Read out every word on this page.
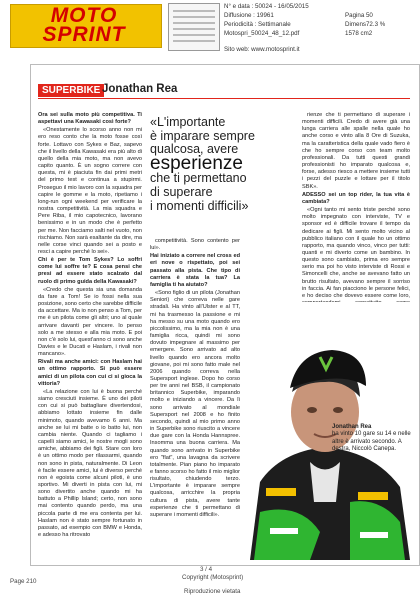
MOTO SPRINT
N° e data : 50024 - 16/05/2015
Diffusione : 19961
Periodicità : Settimanale
Motospri_50024_48_12.pdf
Pagina 50
Dimens72.3 %
1578 cm2
Sito web: www.motosprint.it
SUPERBIKE Jonathan Rea

Ora sei sulla moto più competitiva. Ti aspettavi una Kawasaki così forte?

«Onestamente lo scorso anno non mi ero reso conto che la moto fosse così forte. Lottavo con Sykes e Baz, sapevo che il livello della Kawasaki era più alto di quello della mia moto, ma non avevo capito quanto. È un sogno correre con questa, mi è piaciuta fin dai primi metri del primo test e continua a stupirmi. Proseguo il mio lavoro con la squadra per capire le gomme e la moto, ripetiamo i long-run ogni weekend per verificare la nostra competitività. La mia squadra e Pere Riba, il mio capotecnico, lavorano benissimo e in un modo che è perfetto per me. Non facciamo salti nel vuoto, non rischiamo. Non sarà esaltante da dire, ma nelle corse vinci quando sei a posto e resci a capire perché lo sei».

Chi è per te Tom Sykes? Lo soffri come lui soffre te? E cosa pensi che presi ad essere stato scalzato dal ruolo di primo guida della Kawasaki?

«Credo che questa sia una domanda da fare a Tom! Se io fossi nella sua posizione, sono certo che sarebbe difficile da accettare. Ma io non penso a Tom, per me è un pilota come gli altri; uno al quale arrivare davanti per vincere. Io penso solo a me stesso e alla mia moto. E poi non c'è solo lui, quest'anno ci sono anche Davies e le Ducati e Haslam, i rivali non mancano».

Rivali ma anche amici: con Haslam hai un ottimo rapporto. Si può essere amici di un pilota con cui ci si gioca la vittoria?

«La relazione con lui è buona perché siamo cresciuti insieme. È uno dei piloti con cui si può battagliare divertendosi, abbiamo lottato insieme fin dalle minimoto, quando avevamo 6 anni. Ma anche se lui mi batte o io batto lui, non cambia niente. Quando ci tagliamo i capelli siamo amici, le nostre mogli sono amiche, abbiamo dei figli. Stare con loro è un ottimo modo per rilassarmi, quando non sono in pista, naturalmente. Di Leon è facile essere amici, lui è diverso perché non è egoista come alcuni piloti, è uno sportivo. Mi diverti in pista con lui, mi sono divertito anche quando mi ha battuto a Phillip Island; certo, non sono mai contento quando perdo, ma una piccola parte di me era contenta per lui. Haslam non è stato sempre fortunato in passato, ad esempio con BMW e Honda, e adesso ha ritrovato

competitività. Sono contento per lui».

Hai iniziato a correre nel cross ed eri nove o rispettato, poi sei passato alla pista. Che tipo di carriera è stata la tua? La famiglia ti ha aiutato?

«Sono figlio di un pilota (Jonathan Seniori) che correva nelle gare stradali. Ha vinto all'Ulster e al TT, mi ha trasmesso la passione e mi ha messo su una moto quando ero piccolissimo, ma la mia non è una famiglia ricca, quindi mi sono dovuto impegnare al massimo per emergere. Sono arrivato ad alto livello quando ero ancora molto giovane, poi mi sono fatto male nel 2006 quando correva nella Supersport inglese. Dopo ho corso per tre anni nel BSB, il campionato britannico Superbike, imparando molto e iniziando a vincere. Da lì sono arrivato al mondiale Supersport nel 2008 e ho finito secondo, quindi al mio primo anno in Superbike sono riuscito a vincere due gare con la Honda Hannspree. Insomma una buona carriera. Ma quando sono arrivato in Superbike ero "flat", una lavagna da scrivere totalmente. Pian piano ho imparato e fanno scorso ho fatto il mio miglior risultato, chiudendo terzo. L'importante è imparare sempre qualcosa, arricchire la propria cultura di pista, avere tante esperienze che ti permettano di superare i momenti difficili».

rienze che ti permettano di superare i momenti difficili. Credo di avere già una lunga carriera alle spalle nella quale ho anche corso e vinto alla 8 Ore di Suzuka, ma la caratteristica della quale vado fiero è che ho sempre corso con team molto professionali. Da tutti questi grandi professionisti ho imparato qualcosa e, forse, adesso riesco a mettere insieme tutti i pezzi del puzzle e lottare per il titolo SBK».

ADESSO sei un top rider, la tua vita è cambiata?

«Ogni tanto mi sento triste perché sono molto impegnato con interviste, TV e sponsor ed è difficile trovare il tempo da dedicare ai figli. Mi sento molto vicino al pubblico italiano con il quale ho un ottimo rapporto, ma quando vinco, vinco per tutti: quanti e mi diverto come un bambino. In questo sono cambiato, prima ero sempre serio ma poi ho visto interviste di Rossi e Simoncelli che, anche se avevano fatto un brutto risultato, avevano sempre il sorriso in faccia. Ai fan piacciono le persone felici, e ho deciso che dovevo essere come loro,

«L'importante
è imparare sempre
qualcosa, avere
esperienze
che ti permettano
di superare
i momenti difficili»
Jonathan Rea
ha vinto 10 gare su 14 e nelle altre è arrivato secondo. A destra, Niccolò Canepa.
Page 210
3 / 4
Copyright (Motosprint)
Riproduzione vietata
